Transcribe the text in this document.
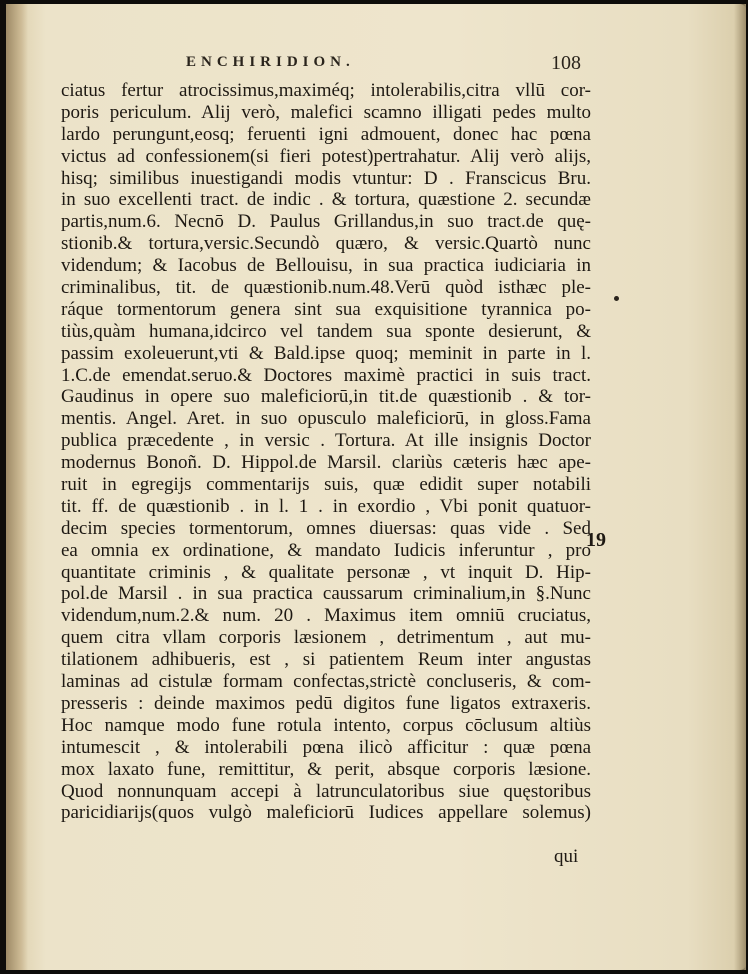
ENCHIRIDION.	108
ciatus fertur atrocissimus,maximéq; intolerabilis,citra vllū cor-
poris periculum. Alij verò, malefici scamno illigati pedes multo
lardo perungunt,eosq; feruenti igni admouent, donec hac pœna
victus ad confessionem(si fieri potest)pertrahatur. Alij verò alijs,
hisq; similibus inuestigandi modis vtuntur: D . Franscicus Bru.
in suo excellenti tract. de indic . & tortura, quæstione 2. secundæ
partis,num.6. Necnō D. Paulus Grillandus,in suo tract.de quę-
stionib.& tortura,versic.Secundò quæro, & versic.Quartò nunc
videndum; & Iacobus de Bellouisu, in sua practica iudiciaria in
criminalibus, tit. de quæstionib.num.48.Verū quòd isthæc ple-
ráque tormentorum genera sint sua exquisitione tyrannica po-
tiùs,quàm humana,idcirco vel tandem sua sponte desierunt, &
passim exoleuerunt,vti & Bald.ipse quoq; meminit in parte in l.
1.C.de emendat.seruo.& Doctores maximè practici in suis tract.
Gaudinus in opere suo maleficiorū,in tit.de quæstionib . & tor-
mentis. Angel. Aret. in suo opusculo maleficiorū, in gloss.Fama
publica præcedente , in versic . Tortura. At ille insignis Doctor
modernus Bonoñ. D. Hippol.de Marsil. clariùs cæteris hæc ape-
ruit in egregijs commentarijs suis, quæ edidit super notabili
tit. ff. de quæstionib . in l. 1 . in exordio , Vbi ponit quatuor-
decim species tormentorum, omnes diuersas: quas vide . Sed
ea omnia ex ordinatione, & mandato Iudicis inferuntur , pro
quantitate criminis , & qualitate personæ , vt inquit D. Hip-
pol.de Marsil . in sua practica caussarum criminalium,in §.Nunc
videndum,num.2.& num. 20 . Maximus item omniū cruciatus,
quem citra vllam corporis læsionem , detrimentum , aut mu-
tilationem adhibueris, est , si patientem Reum inter angustas
laminas ad cistulæ formam confectas,strictè concluseris, & com-
presseris : deinde maximos pedū digitos fune ligatos extraxeris.
Hoc namque modo fune rotula intento, corpus cōclusum altiùs
intumescit , & intolerabili pœna ilicò afficitur : quæ pœna
mox laxato fune, remittitur, & perit, absque corporis læsione.
Quod nonnunquam accepi à latrunculatoribus siue quęstoribus
paricidiarijs(quos vulgò maleficiorū Iudices appellare solemus)
19
qui
